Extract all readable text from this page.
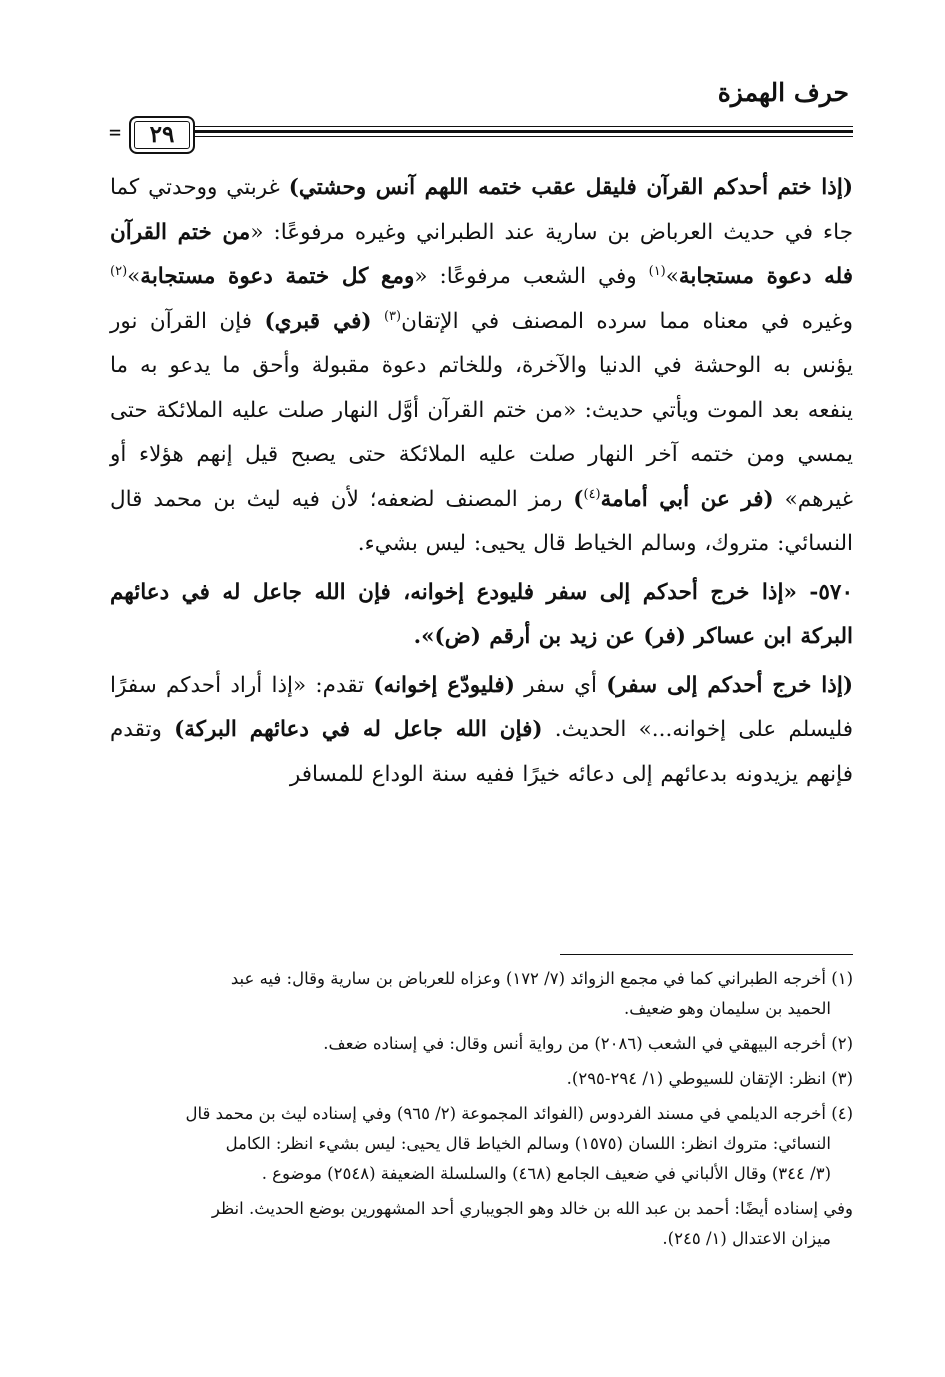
حرف الهمزة
٢٩
=

(إذا ختم أحدكم القرآن فليقل عقب ختمه اللهم آنس وحشتي) غربتي ووحدتي كما جاء في حديث العرباض بن سارية عند الطبراني وغيره مرفوعًا: «من ختم القرآن فله دعوة مستجابة»$^{(١)}$ وفي الشعب مرفوعًا: «ومع كل ختمة دعوة مستجابة»$^{(٢)}$ وغيره في معناه مما سرده المصنف في الإتقان$^{(٣)}$ (في قبري) فإن القرآن نور يؤنس به الوحشة في الدنيا والآخرة، وللخاتم دعوة مقبولة وأحق ما يدعو به ما ينفعه بعد الموت ويأتي حديث: «من ختم القرآن أوَّل النهار صلت عليه الملائكة حتى يمسي ومن ختمه آخر النهار صلت عليه الملائكة حتى يصبح قيل إنهم هؤلاء أو غيرهم» (فر عن أبي أمامة$^{(٤)}$) رمز المصنف لضعفه؛ لأن فيه ليث بن محمد قال النسائي: متروك، وسالم الخياط قال يحيى: ليس بشيء.

٥٧٠- «إذا خرج أحدكم إلى سفر فليودع إخوانه، فإن الله جاعل له في دعائهم البركة ابن عساكر (فر) عن زيد بن أرقم (ض)».

(إذا خرج أحدكم إلى سفر) أي سفر (فليودّع إخوانه) تقدم: «إذا أراد أحدكم سفرًا فليسلم على إخوانه...» الحديث. (فإن الله جاعل له في دعائهم البركة) وتقدم فإنهم يزيدونه بدعائهم إلى دعائه خيرًا ففيه سنة الوداع للمسافر

(١) أخرجه الطبراني كما في مجمع الزوائد (٧/ ١٧٢) وعزاه للعرباض بن سارية وقال: فيه عبد
الحميد بن سليمان وهو ضعيف.

(٢) أخرجه البيهقي في الشعب (٢٠٨٦) من رواية أنس وقال: في إسناده ضعف.

(٣) انظر: الإتقان للسيوطي (١/ ٢٩٤-٢٩٥).

(٤) أخرجه الديلمي في مسند الفردوس (الفوائد المجموعة (٢/ ٩٦٥) وفي إسناده ليث بن محمد قال
النسائي: متروك انظر: اللسان (١٥٧٥) وسالم الخياط قال يحيى: ليس بشيء انظر: الكامل
(٣/ ٣٤٤) وقال الألباني في ضعيف الجامع (٤٦٨) والسلسلة الضعيفة (٢٥٤٨) موضوع .

وفي إسناده أيضًا: أحمد بن عبد الله بن خالد وهو الجويباري أحد المشهورين بوضع الحديث. انظر
ميزان الاعتدال (١/ ٢٤٥).
